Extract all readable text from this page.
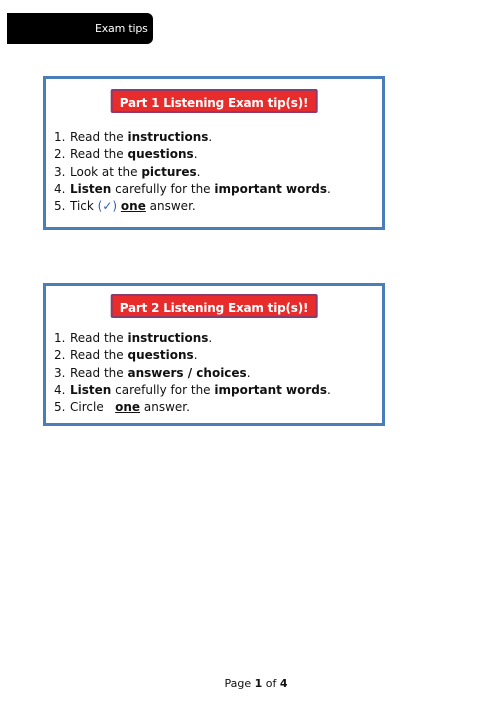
Exam tips
Part 1 Listening Exam tip(s)!
1. Read the instructions.
2. Read the questions.
3. Look at the pictures.
4. Listen carefully for the important words.
5. Tick (✓) one answer.
Part 2 Listening Exam tip(s)!
1. Read the instructions.
2. Read the questions.
3. Read the answers / choices.
4. Listen carefully for the important words.
5. Circle   one answer.
Page 1 of 4
